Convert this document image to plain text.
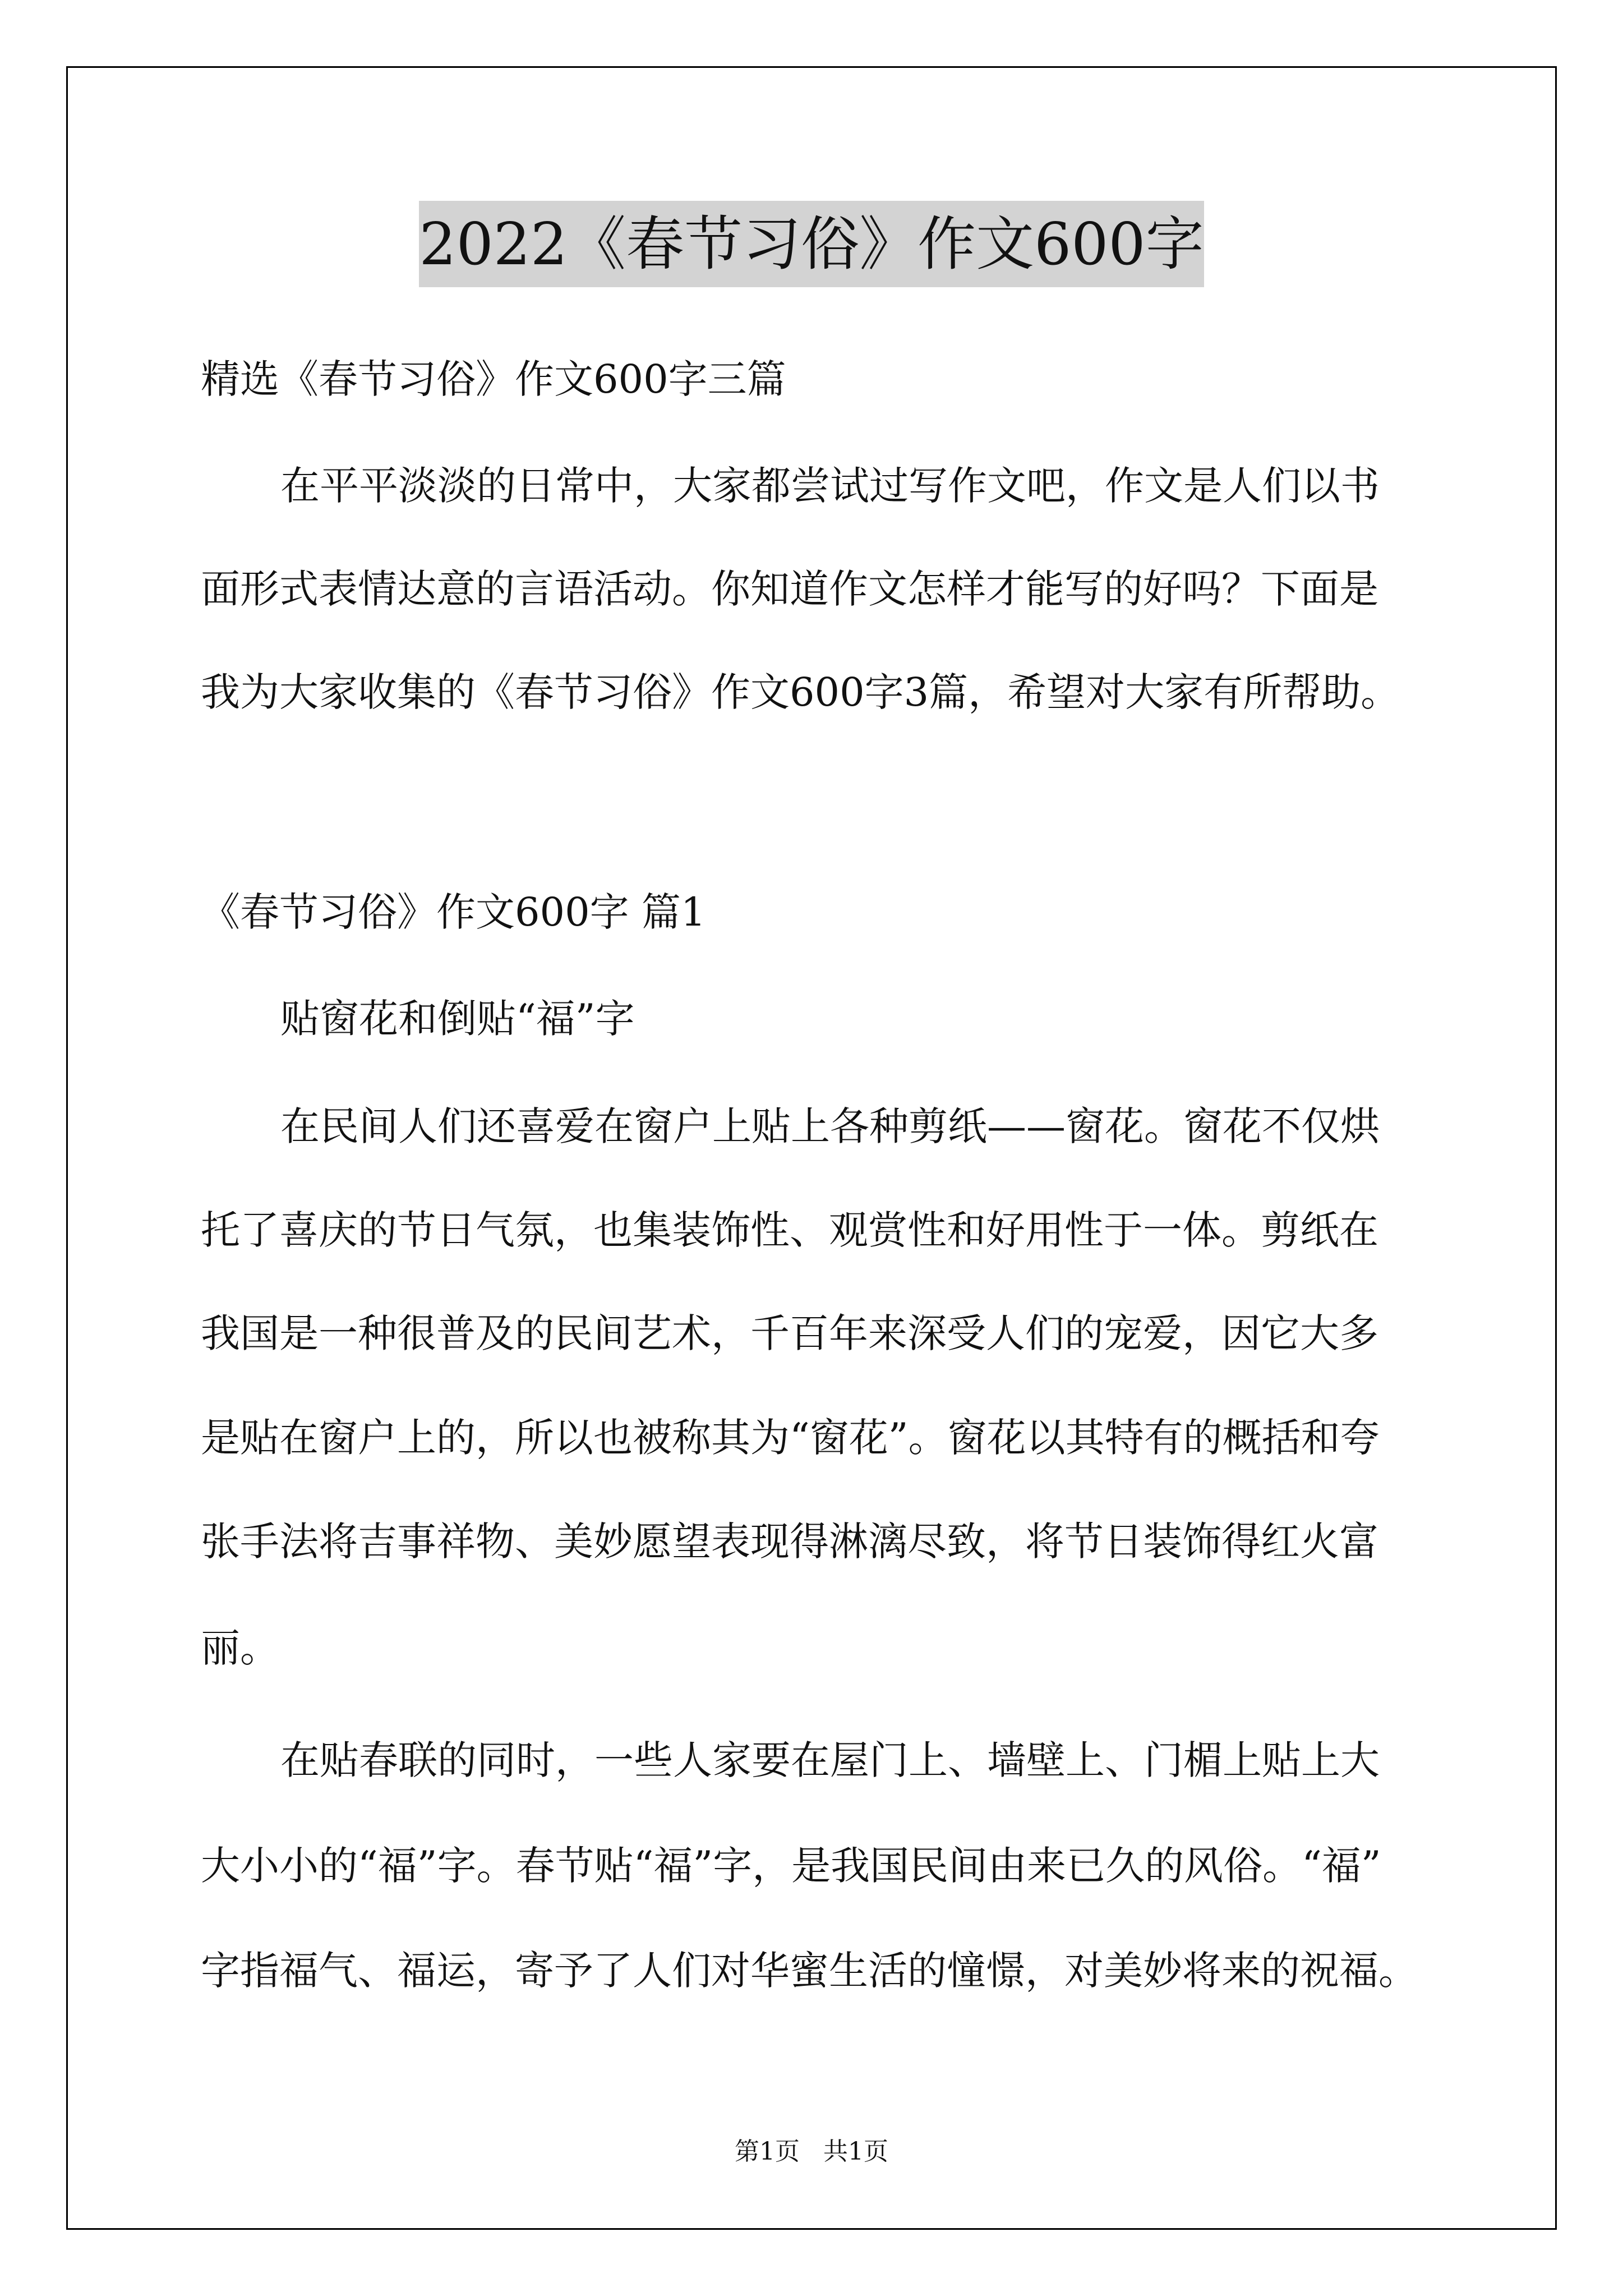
2022《春节习俗》作文600字
精选《春节习俗》作文600字三篇
在平平淡淡的日常中，大家都尝试过写作文吧，作文是人们以书
面形式表情达意的言语活动。你知道作文怎样才能写的好吗？下面是
我为大家收集的《春节习俗》作文600字3篇，希望对大家有所帮助。
《春节习俗》作文600字 篇1
贴窗花和倒贴“福”字
在民间人们还喜爱在窗户上贴上各种剪纸——窗花。窗花不仅烘
托了喜庆的节日气氛，也集装饰性、观赏性和好用性于一体。剪纸在
我国是一种很普及的民间艺术，千百年来深受人们的宠爱，因它大多
是贴在窗户上的，所以也被称其为“窗花”。窗花以其特有的概括和夸
张手法将吉事祥物、美妙愿望表现得淋漓尽致，将节日装饰得红火富
丽。
在贴春联的同时，一些人家要在屋门上、墙壁上、门楣上贴上大
大小小的“福”字。春节贴“福”字，是我国民间由来已久的风俗。“福”
字指福气、福运，寄予了人们对华蜜生活的憧憬，对美妙将来的祝福。
第1页   共1页
